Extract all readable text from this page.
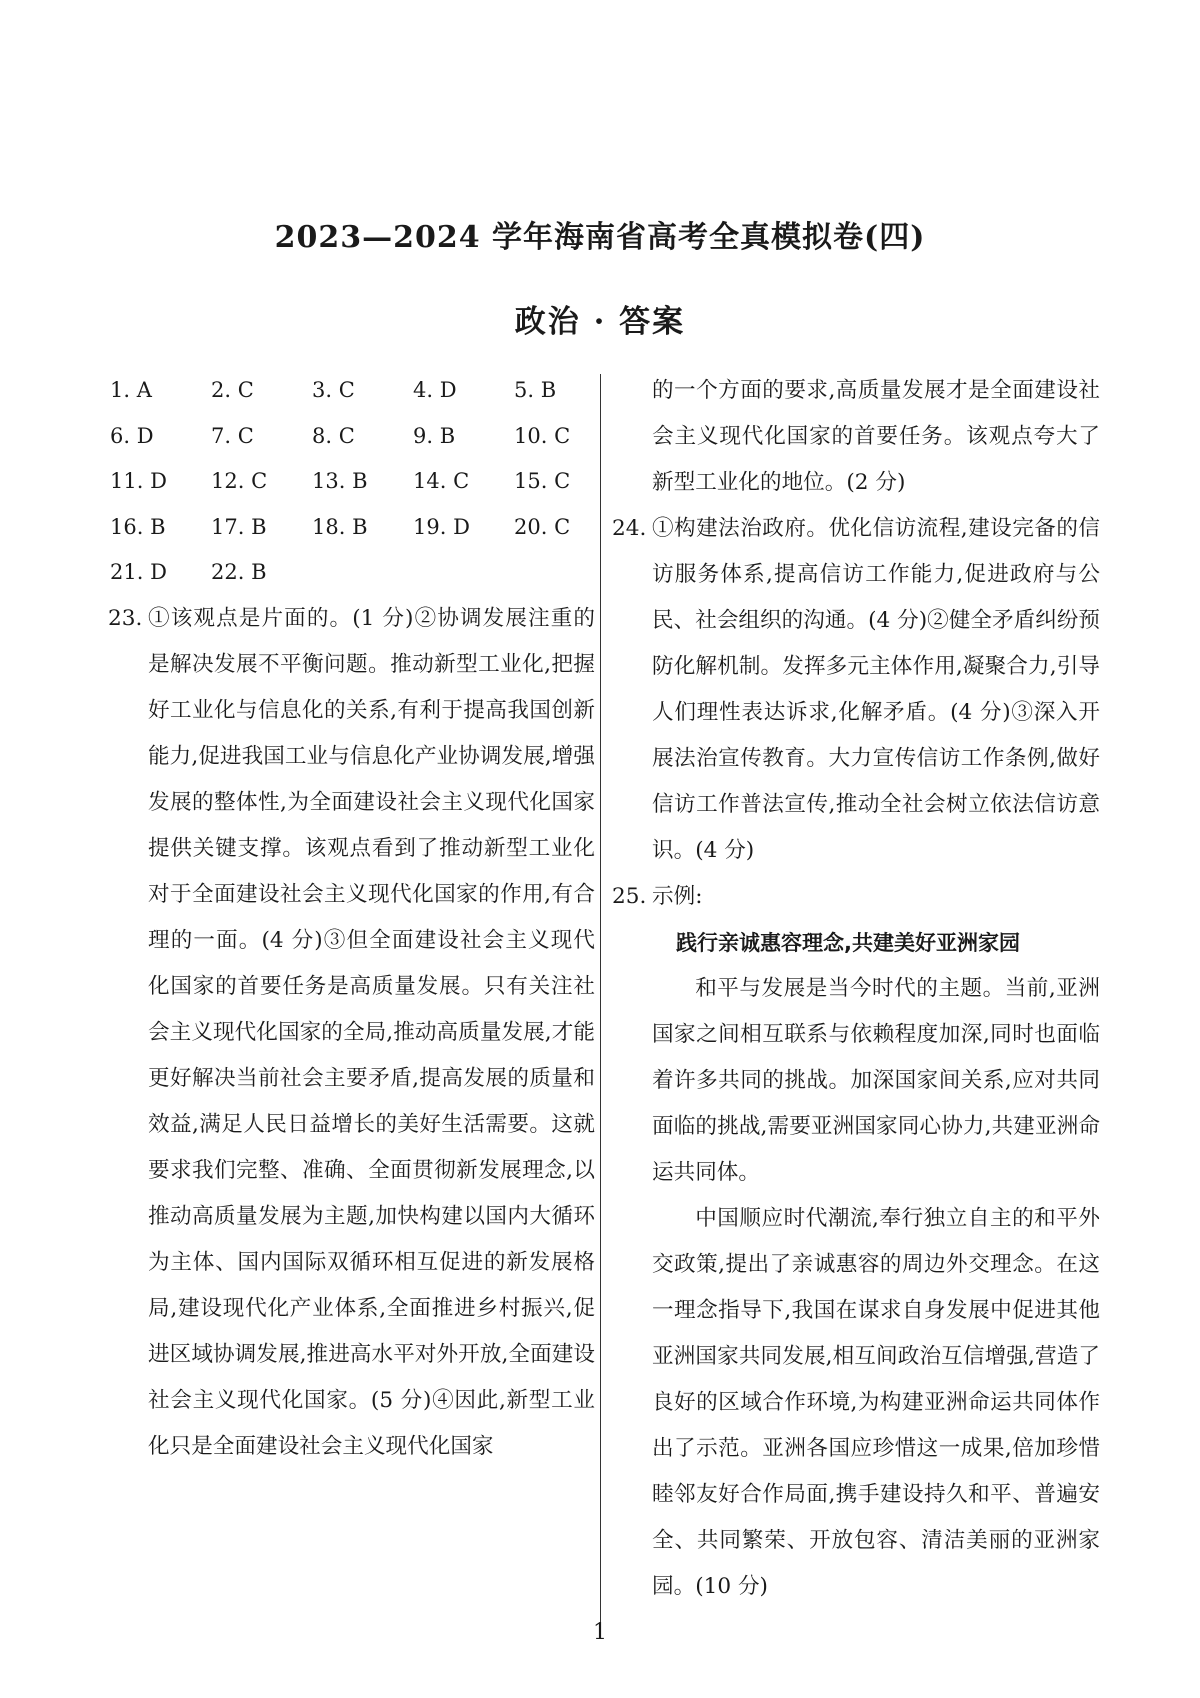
2023—2024 学年海南省高考全真模拟卷(四)
政治 · 答案
1. A	2. C	3. C	4. D	5. B
6. D	7. C	8. C	9. B	10. C
11. D	12. C	13. B	14. C	15. C
16. B	17. B	18. B	19. D	20. C
21. D	22. B
23. ①该观点是片面的。(1 分)②协调发展注重的是解决发展不平衡问题。推动新型工业化,把握好工业化与信息化的关系,有利于提高我国创新能力,促进我国工业与信息化产业协调发展,增强发展的整体性,为全面建设社会主义现代化国家提供关键支撑。该观点看到了推动新型工业化对于全面建设社会主义现代化国家的作用,有合理的一面。(4 分)③但全面建设社会主义现代化国家的首要任务是高质量发展。只有关注社会主义现代化国家的全局,推动高质量发展,才能更好解决当前社会主要矛盾,提高发展的质量和效益,满足人民日益增长的美好生活需要。这就要求我们完整、准确、全面贯彻新发展理念,以推动高质量发展为主题,加快构建以国内大循环为主体、国内国际双循环相互促进的新发展格局,建设现代化产业体系,全面推进乡村振兴,促进区域协调发展,推进高水平对外开放,全面建设社会主义现代化国家。(5 分)④因此,新型工业化只是全面建设社会主义现代化国家
的一个方面的要求,高质量发展才是全面建设社会主义现代化国家的首要任务。该观点夸大了新型工业化的地位。(2 分)
24. ①构建法治政府。优化信访流程,建设完备的信访服务体系,提高信访工作能力,促进政府与公民、社会组织的沟通。(4 分)②健全矛盾纠纷预防化解机制。发挥多元主体作用,凝聚合力,引导人们理性表达诉求,化解矛盾。(4 分)③深入开展法治宣传教育。大力宣传信访工作条例,做好信访工作普法宣传,推动全社会树立依法信访意识。(4 分)
25. 示例:
践行亲诚惠容理念,共建美好亚洲家园
和平与发展是当今时代的主题。当前,亚洲国家之间相互联系与依赖程度加深,同时也面临着许多共同的挑战。加深国家间关系,应对共同面临的挑战,需要亚洲国家同心协力,共建亚洲命运共同体。
中国顺应时代潮流,奉行独立自主的和平外交政策,提出了亲诚惠容的周边外交理念。在这一理念指导下,我国在谋求自身发展中促进其他亚洲国家共同发展,相互间政治互信增强,营造了良好的区域合作环境,为构建亚洲命运共同体作出了示范。亚洲各国应珍惜这一成果,倍加珍惜睦邻友好合作局面,携手建设持久和平、普遍安全、共同繁荣、开放包容、清洁美丽的亚洲家园。(10 分)
1
